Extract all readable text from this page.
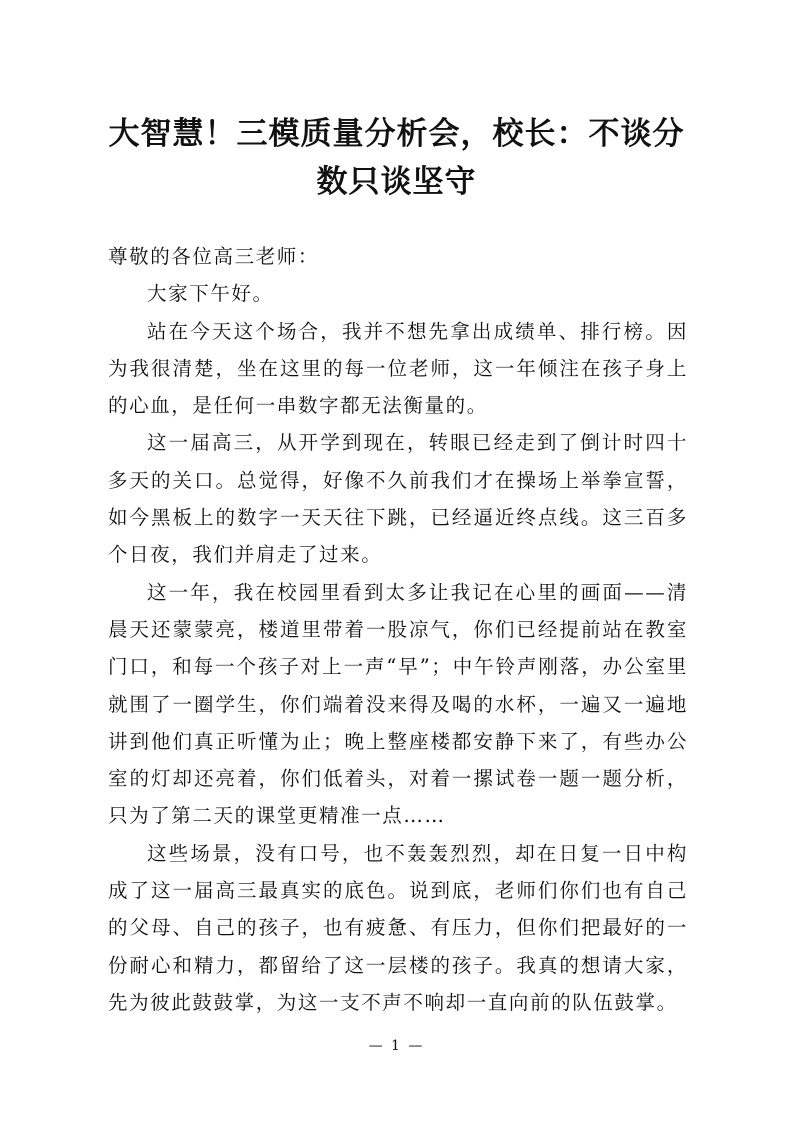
大智慧！三模质量分析会，校长：不谈分
数只谈坚守

尊敬的各位高三老师：

大家下午好。

站在今天这个场合，我并不想先拿出成绩单、排行榜。因为我很清楚，坐在这里的每一位老师，这一年倾注在孩子身上的心血，是任何一串数字都无法衡量的。

这一届高三，从开学到现在，转眼已经走到了倒计时四十多天的关口。总觉得，好像不久前我们才在操场上举拳宣誓，如今黑板上的数字一天天往下跳，已经逼近终点线。这三百多个日夜，我们并肩走了过来。

这一年，我在校园里看到太多让我记在心里的画面——清晨天还蒙蒙亮，楼道里带着一股凉气，你们已经提前站在教室门口，和每一个孩子对上一声“早”；中午铃声刚落，办公室里就围了一圈学生，你们端着没来得及喝的水杯，一遍又一遍地讲到他们真正听懂为止；晚上整座楼都安静下来了，有些办公室的灯却还亮着，你们低着头，对着一摞试卷一题一题分析，只为了第二天的课堂更精准一点……

这些场景，没有口号，也不轰轰烈烈，却在日复一日中构成了这一届高三最真实的底色。说到底，老师们你们也有自己的父母、自己的孩子，也有疲惫、有压力，但你们把最好的一份耐心和精力，都留给了这一层楼的孩子。我真的想请大家，先为彼此鼓鼓掌，为这一支不声不响却一直向前的队伍鼓掌。

— 1 —
